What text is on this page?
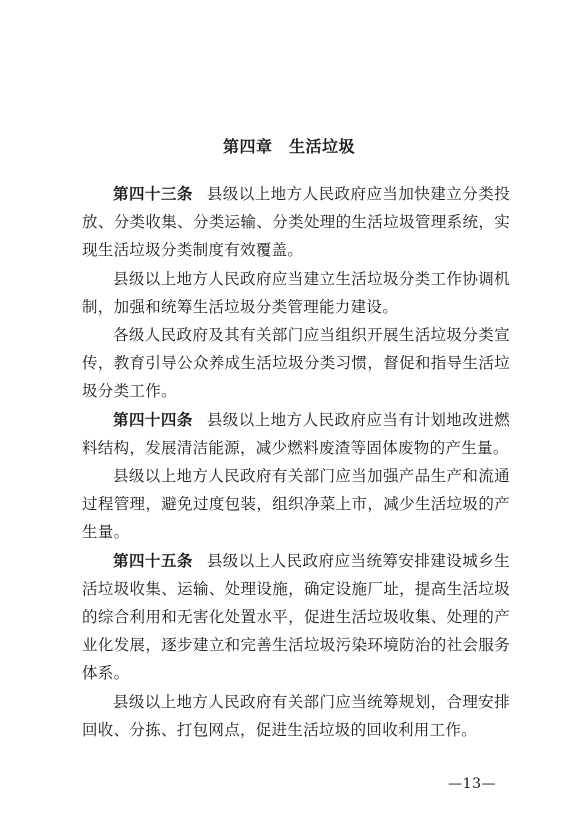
第四章　生活垃圾

第四十三条 县级以上地方人民政府应当加快建立分类投放、分类收集、分类运输、分类处理的生活垃圾管理系统，实现生活垃圾分类制度有效覆盖。

县级以上地方人民政府应当建立生活垃圾分类工作协调机制，加强和统筹生活垃圾分类管理能力建设。

各级人民政府及其有关部门应当组织开展生活垃圾分类宣传，教育引导公众养成生活垃圾分类习惯，督促和指导生活垃圾分类工作。

第四十四条 县级以上地方人民政府应当有计划地改进燃料结构，发展清洁能源，减少燃料废渣等固体废物的产生量。

县级以上地方人民政府有关部门应当加强产品生产和流通过程管理，避免过度包装，组织净菜上市，减少生活垃圾的产生量。

第四十五条 县级以上人民政府应当统筹安排建设城乡生活垃圾收集、运输、处理设施，确定设施厂址，提高生活垃圾的综合利用和无害化处置水平，促进生活垃圾收集、处理的产业化发展，逐步建立和完善生活垃圾污染环境防治的社会服务体系。

县级以上地方人民政府有关部门应当统筹规划，合理安排回收、分拣、打包网点，促进生活垃圾的回收利用工作。

—13—
